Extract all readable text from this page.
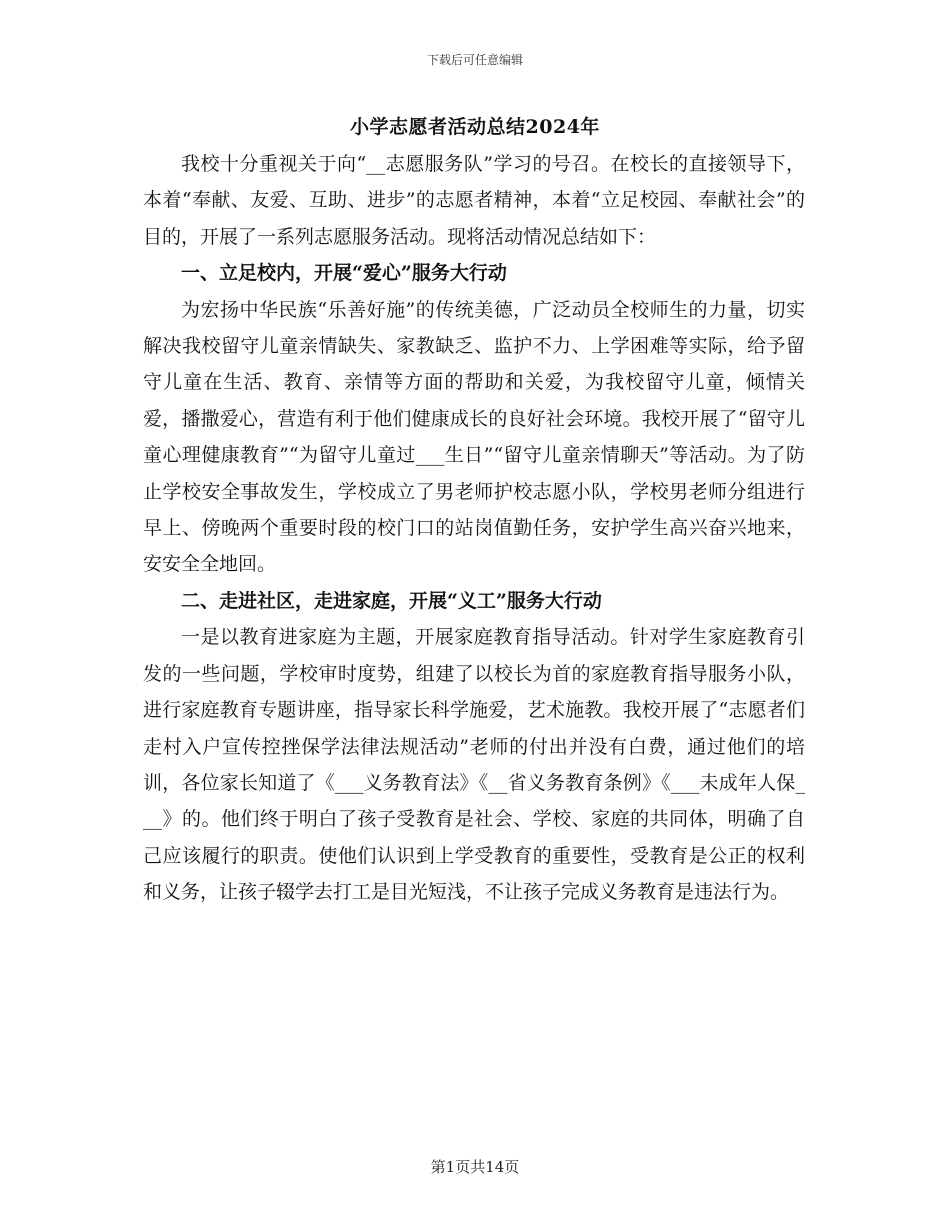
下载后可任意编辑
小学志愿者活动总结2024年

我校十分重视关于向“__志愿服务队”学习的号召。在校长的直接领导下，本着“奉献、友爱、互助、进步”的志愿者精神，本着“立足校园、奉献社会”的目的，开展了一系列志愿服务活动。现将活动情况总结如下：

一、立足校内，开展“爱心”服务大行动

为宏扬中华民族“乐善好施”的传统美德，广泛动员全校师生的力量，切实解决我校留守儿童亲情缺失、家教缺乏、监护不力、上学困难等实际，给予留守儿童在生活、教育、亲情等方面的帮助和关爱，为我校留守儿童，倾情关爱，播撒爱心，营造有利于他们健康成长的良好社会环境。我校开展了“留守儿童心理健康教育”“为留守儿童过___生日”“留守儿童亲情聊天”等活动。为了防止学校安全事故发生，学校成立了男老师护校志愿小队，学校男老师分组进行早上、傍晚两个重要时段的校门口的站岗值勤任务，安护学生高兴奋兴地来，安安全全地回。

二、走进社区，走进家庭，开展“义工”服务大行动

一是以教育进家庭为主题，开展家庭教育指导活动。针对学生家庭教育引发的一些问题，学校审时度势，组建了以校长为首的家庭教育指导服务小队，进行家庭教育专题讲座，指导家长科学施爱，艺术施教。我校开展了“志愿者们走村入户宣传控挫保学法律法规活动”老师的付出并没有白费，通过他们的培训，各位家长知道了《___义务教育法》《__省义务教育条例》《___未成年人保___》的。他们终于明白了孩子受教育是社会、学校、家庭的共同体，明确了自己应该履行的职责。使他们认识到上学受教育的重要性，受教育是公正的权利和义务，让孩子辍学去打工是目光短浅，不让孩子完成义务教育是违法行为。

第1页共14页
